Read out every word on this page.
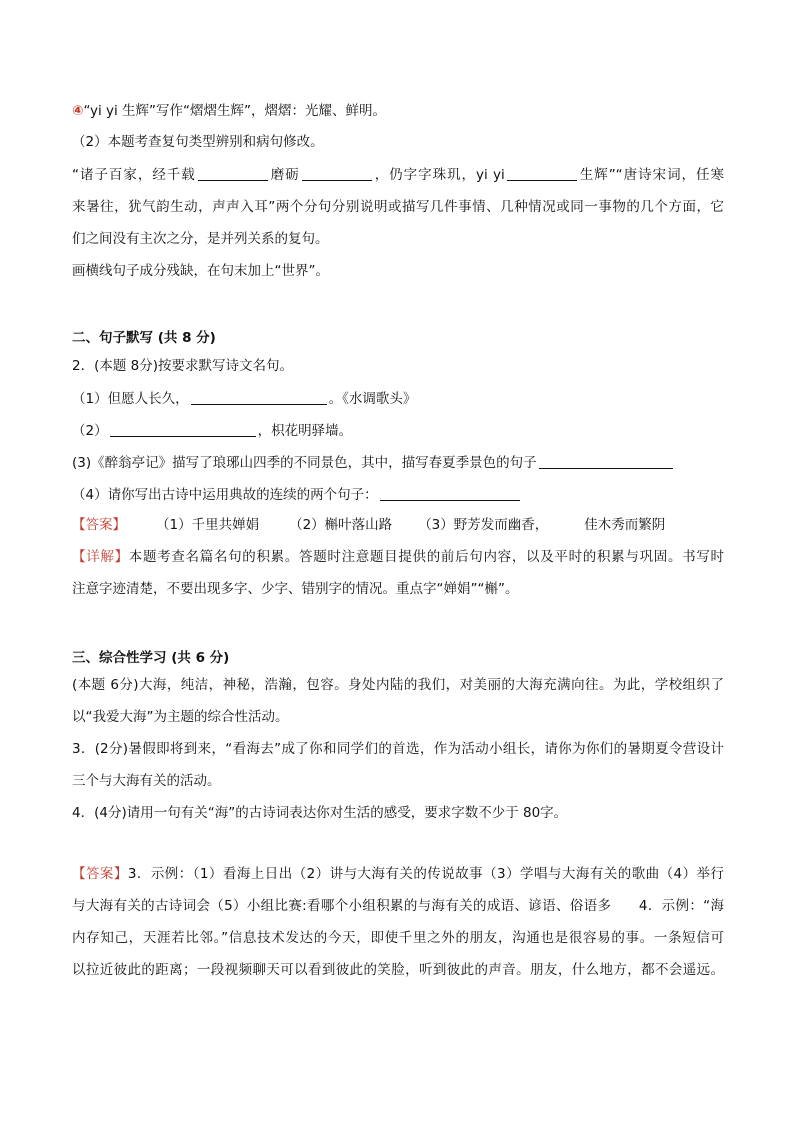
④“yi yi 生辉”写作“熠熠生辉”，熠熠：光耀、鲜明。
（2）本题考查复句类型辨别和病句修改。
“诸子百家，经千载	磨砺	，仍字字珠玑，yi yi	生辉”“唐诗宋词，任寒
来暑往，犹气韵生动，声声入耳”两个分句分别说明或描写几件事情、几种情况或同一事物的几个方面，它
们之间没有主次之分，是并列关系的复句。
画横线句子成分残缺，在句末加上“世界”。
二、句子默写 (共 8 分)
2．(本题 8分)按要求默写诗文名句。
（1）但愿人长久，	。《水调歌头》
（2）	，枳花明驿墙。
(3)《醉翁亭记》描写了琅琊山四季的不同景色，其中，描写春夏季景色的句子
（4）请你写出古诗中运用典故的连续的两个句子：
【答案】 （1）千里共婵娟 （2）槲叶落山路 （3）野芳发而幽香，	佳木秀而繁阴
【详解】本题考查名篇名句的积累。答题时注意题目提供的前后句内容，以及平时的积累与巩固。书写时
注意字迹清楚，不要出现多字、少字、错别字的情况。重点字“婵娟”“槲”。
三、综合性学习 (共 6 分)
(本题 6分)大海，纯洁，神秘，浩瀚，包容。身处内陆的我们，对美丽的大海充满向往。为此，学校组织了
以“我爱大海”为主题的综合性活动。
3．(2分)暑假即将到来，“看海去”成了你和同学们的首选，作为活动小组长，请你为你们的暑期夏令营设计
三个与大海有关的活动。
4．(4分)请用一句有关“海”的古诗词表达你对生活的感受，要求字数不少于 80字。
【答案】3．示例：（1）看海上日出（2）讲与大海有关的传说故事（3）学唱与大海有关的歌曲（4）举行
与大海有关的古诗词会（5）小组比赛:看哪个小组积累的与海有关的成语、谚语、俗语多　　4．示例：“海
内存知己，天涯若比邻。”信息技术发达的今天，即使千里之外的朋友，沟通也是很容易的事。一条短信可
以拉近彼此的距离；一段视频聊天可以看到彼此的笑脸，听到彼此的声音。朋友，什么地方，都不会遥远。
